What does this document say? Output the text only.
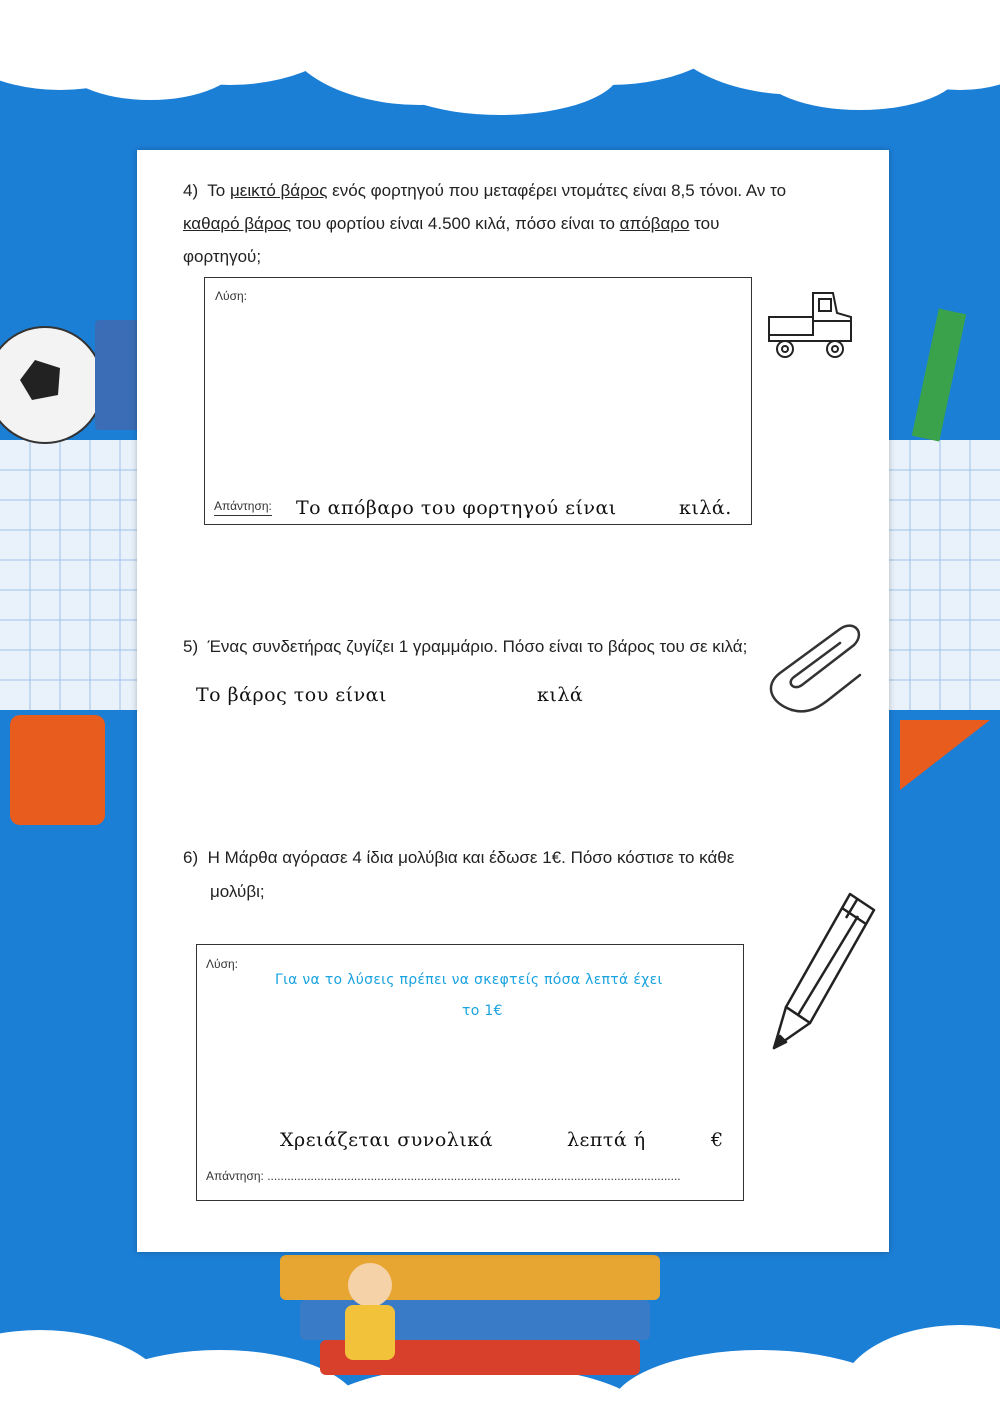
4) Το μεικτό βάρος ενός φορτηγού που μεταφέρει ντομάτες είναι 8,5 τόνοι. Αν το

καθαρό βάρος του φορτίου είναι 4.500 κιλά, πόσο είναι το απόβαρο του

φορτηγού;

Λύση:
Απάντηση: Το απόβαρο του φορτηγού είναι	κιλά.

5) Ένας συνδετήρας ζυγίζει 1 γραμμάριο. Πόσο είναι το βάρος του σε κιλά;

Το βάρος του είναι	κιλά

6) Η Μάρθα αγόρασε 4 ίδια μολύβια και έδωσε 1€. Πόσο κόστισε το κάθε

μολύβι;

Λύση:
Για να το λύσεις πρέπει να σκεφτείς πόσα λεπτά έχει
το 1€
Χρειάζεται συνολικά	λεπτά ή	€
Απάντηση: ............................................................................................................................
